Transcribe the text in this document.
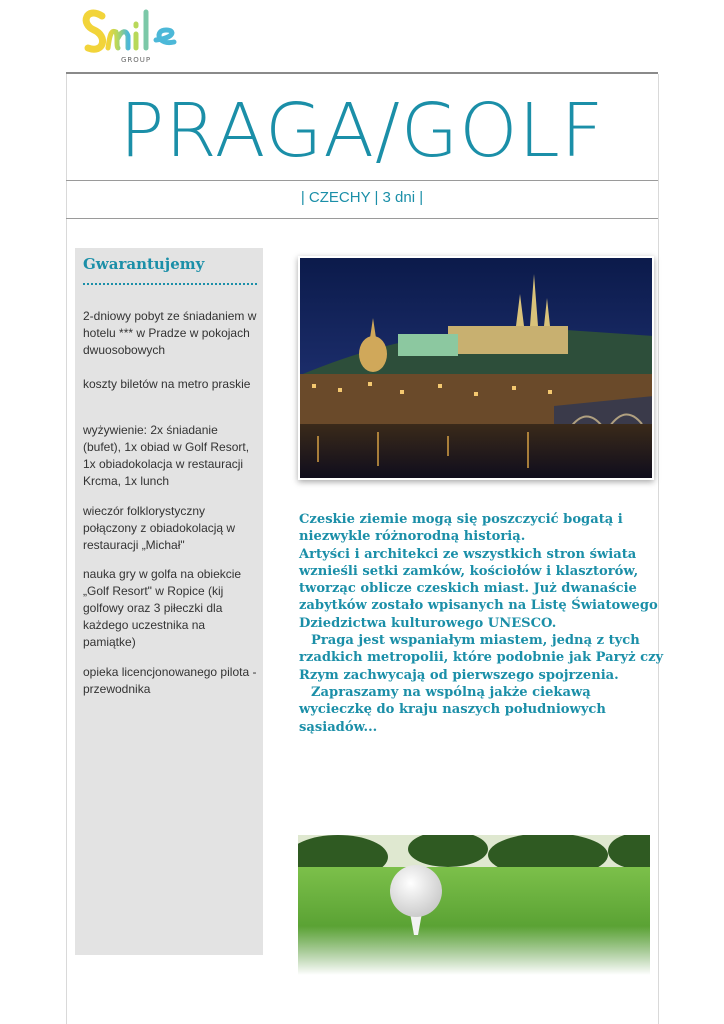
GROUP
PRAGA/GOLF
| CZECHY | 3 dni |
Gwarantujemy
2-dniowy pobyt ze śniadaniem w hotelu *** w Pradze w pokojach dwuosobowych
koszty biletów na metro praskie
wyżywienie: 2x śniadanie (bufet), 1x obiad w Golf Resort, 1x obiadokolacja w restauracji Krcma, 1x lunch
wieczór folklorystyczny połączony z obiadokolacją w restauracji „Michał"
nauka gry w golfa na obiekcie „Golf Resort" w Ropice (kij golfowy oraz 3 piłeczki dla każdego uczestnika na pamiątke)
opieka licencjonowanego pilota - przewodnika

Czeskie ziemie mogą się poszczycić bogatą i

niezwykle różnorodną historią.

Artyści i architekci ze wszystkich stron świata

wznieśli setki zamków, kościołów i klasztorów,

tworząc oblicze czeskich miast. Już dwanaście

zabytków zostało wpisanych na Listę Światowego

Dziedzictwa kulturowego UNESCO.

Praga jest wspaniałym miastem, jedną z tych

rzadkich metropolii, które podobnie jak Paryż czy

Rzym zachwycają od pierwszego spojrzenia.

Zapraszamy na wspólną jakże ciekawą

wycieczkę do kraju naszych południowych

sąsiadów...
